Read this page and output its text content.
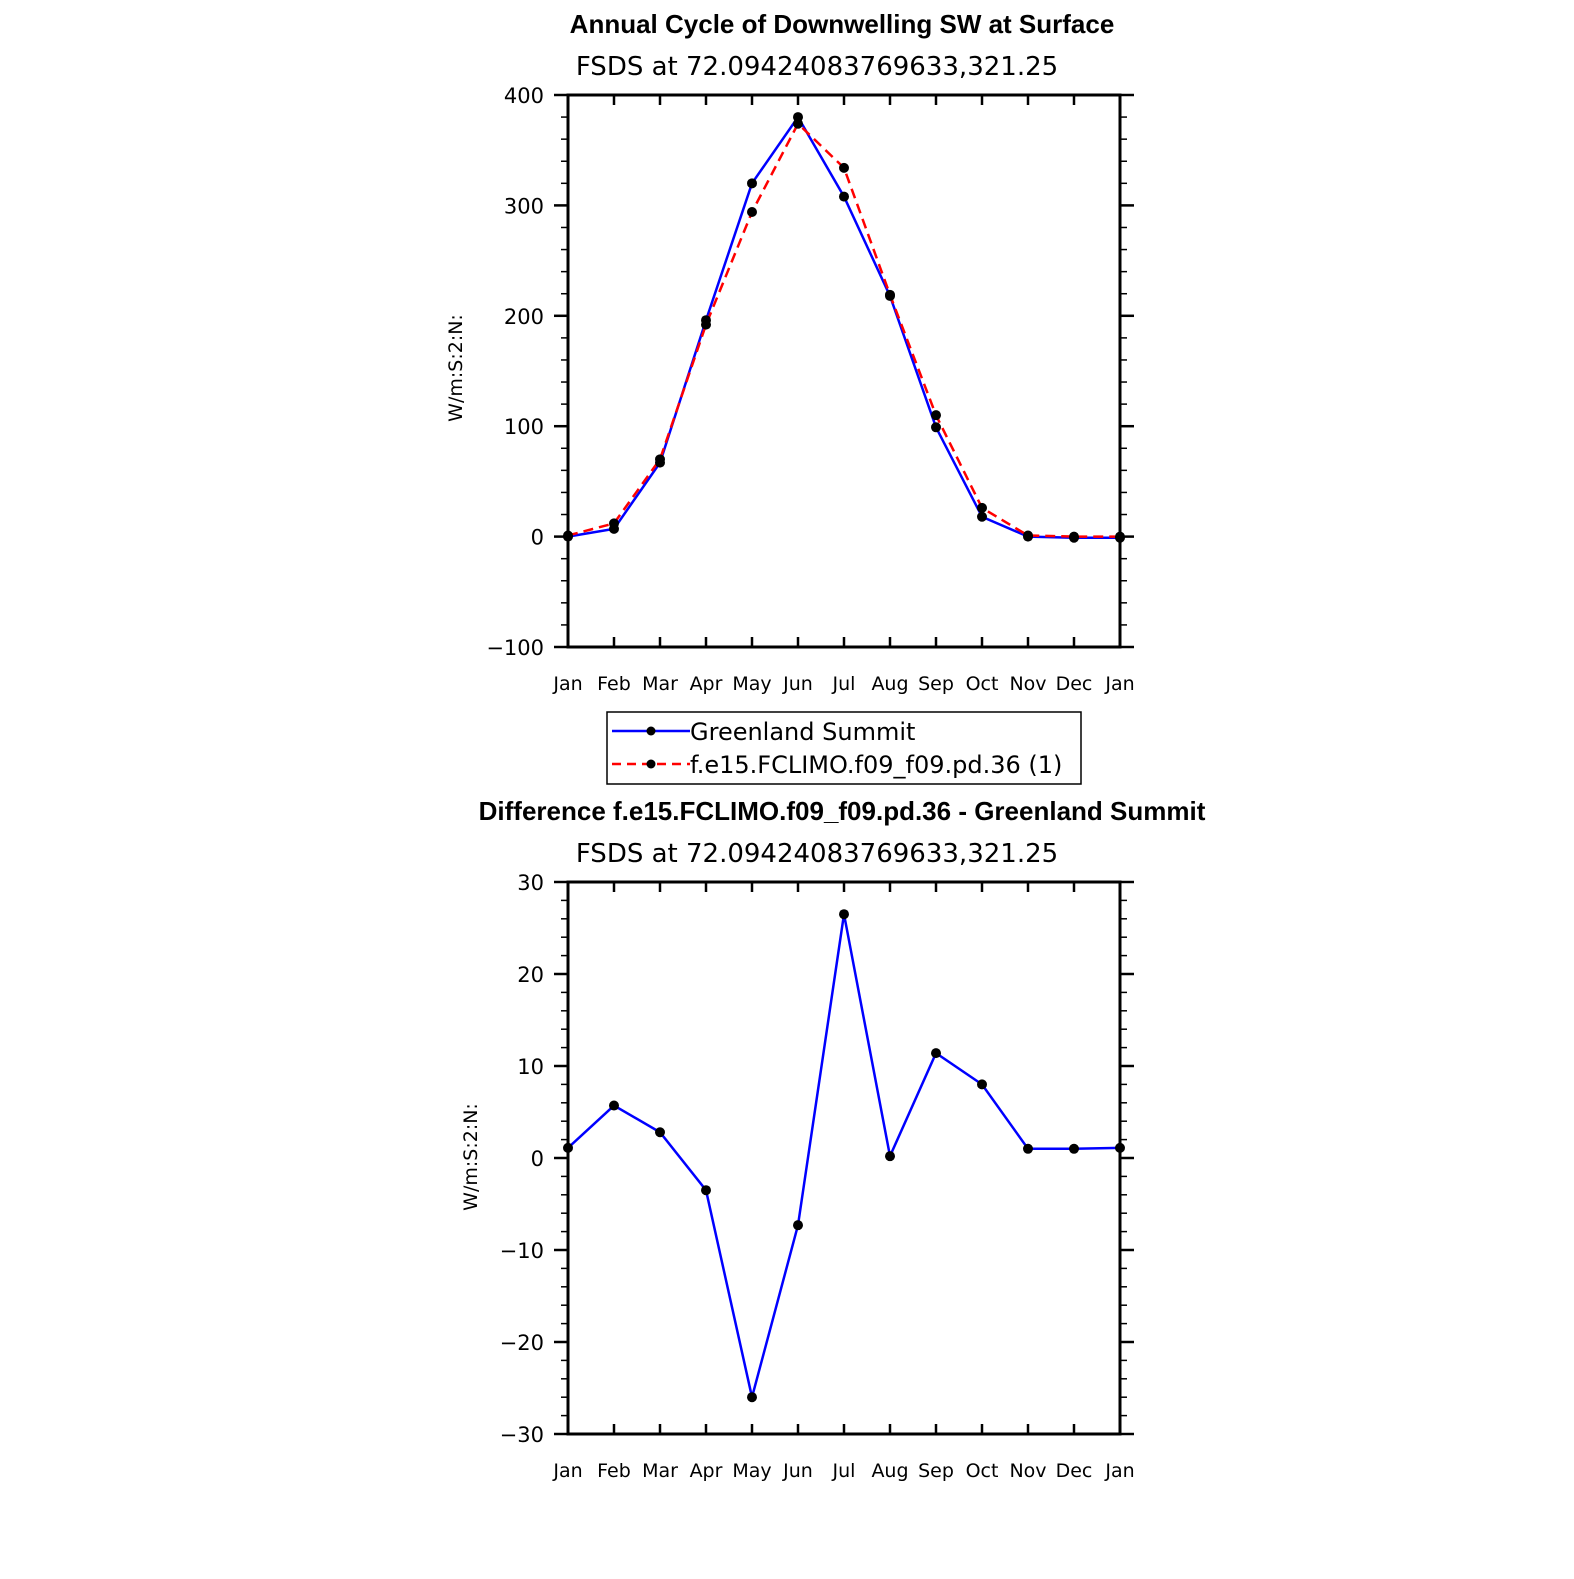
Annual Cycle of Downwelling SW at Surface
FSDS at 72.09424083769633,321.25
W/m:S:2:N:
Jan Feb Mar Apr May Jun Jul Aug Sep Oct Nov Dec Jan
−100
0
100
200
300
400
Greenland Summit
f.e15.FCLIMO.f09_f09.pd.36 (1)
Difference f.e15.FCLIMO.f09_f09.pd.36 - Greenland Summit
FSDS at 72.09424083769633,321.25
W/m:S:2:N:
Jan Feb Mar Apr May Jun Jul Aug Sep Oct Nov Dec Jan
−30
−20
−10
0
10
20
30
